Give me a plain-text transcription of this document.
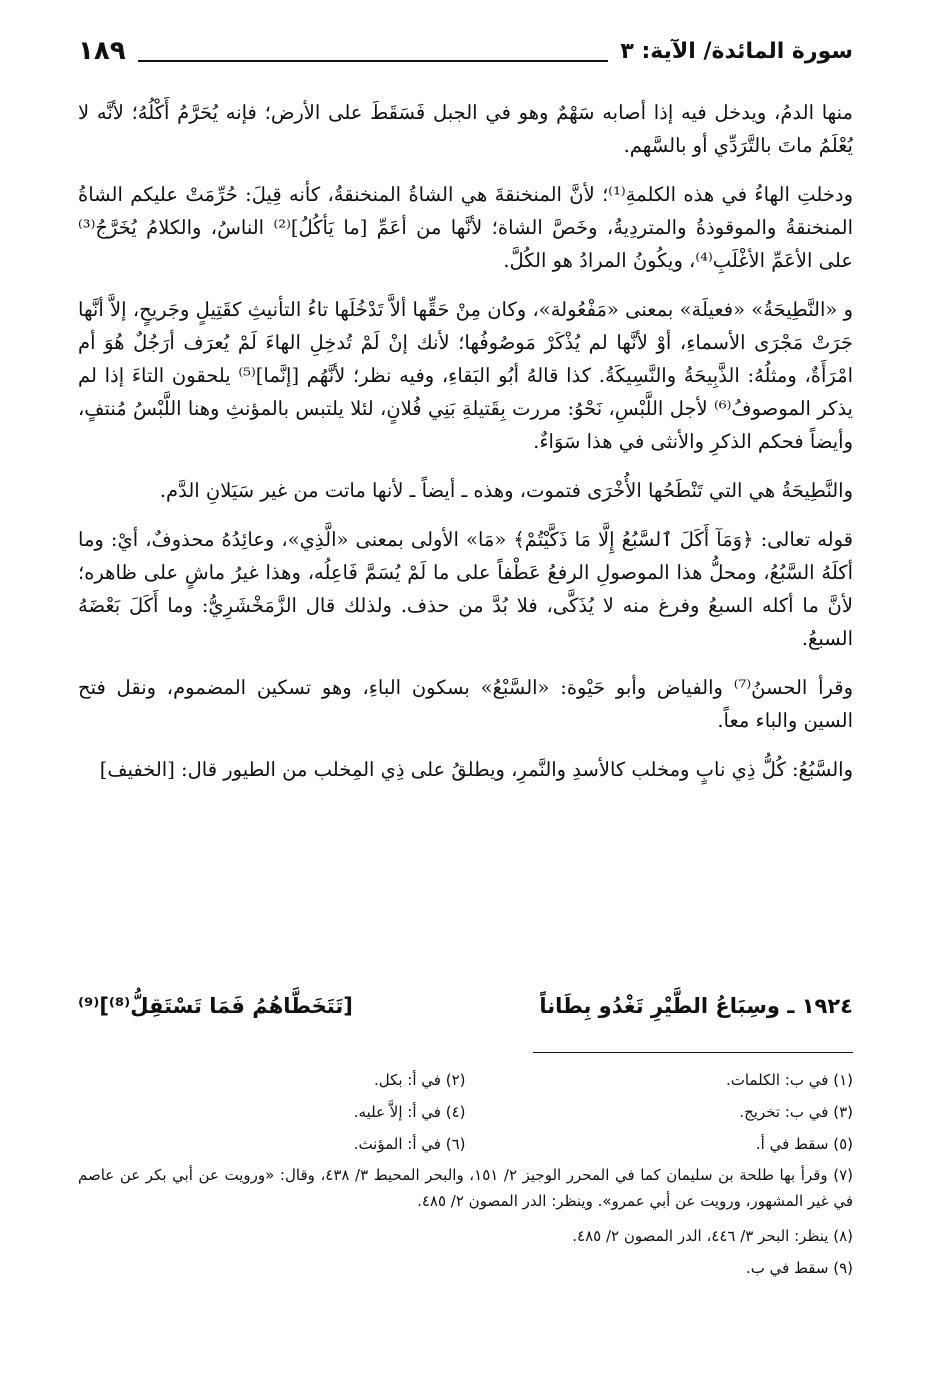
سورة المائدة/ الآية: ٣
١٨٩

منها الدمُ، ويدخل فيه إذا أصابه سَهْمٌ وهو في الجبل فَسَقَطَ على الأرض؛ فإنه يُحَرَّمُ أَكْلُهُ؛ لأنَّه لا يُعْلَمُ ماتَ بالتَّرَدِّي أو بالسَّهم.

ودخلتِ الهاءُ في هذه الكلمةِ⁽¹⁾؛ لأنَّ المنخنقةَ هي الشاةُ المنخنقةُ، كأنه قِيلَ: حُرِّمَتْ عليكم الشاةُ المنخنقةُ والموقوذةُ والمتردِيةُ، وخَصَّ الشاة؛ لأنَّها من أعَمِّ [ما يَأكُلُ]⁽²⁾ الناسُ، والكلامُ يُخَرَّجُ⁽³⁾ على الأعَمِّ الأغْلَبِ⁽⁴⁾، ويكُونُ المرادُ هو الكُلَّ.

و «النَّطِيحَةُ» «فعيلَة» بمعنى «مَفْعُولة»، وكان مِنْ حَقِّها ألاَّ تَدْخُلَها تاءُ التأنيثِ كقَتِيلٍ وجَريحٍ، إلاَّ أنَّها جَرَتْ مَجْرَى الأسماءِ، أوْ لأنَّها لم يُذْكَرْ مَوصُوفُها؛ لأنك إنْ لَمْ تُدخِلِ الهاءَ لَمْ يُعرَف أرَجُلٌ هُوَ أم امْرَأَةٌ، ومثلُهُ: الذَّبِيحَةُ والنَّسِيكَةُ. كذا قالهُ أبُو البَقاءِ، وفيه نظر؛ لأنَّهُم [إنَّما]⁽⁵⁾ يلحقون التاءَ إذا لم يذكر الموصوفُ⁽⁶⁾ لأجل اللَّبْسِ، نَحْوُ: مررت بِقَتيلةِ بَنِي فُلانٍ، لئلا يلتبس بالمؤنثِ وهنا اللَّبْسُ مُنتفٍ، وأيضاً فحكم الذكرِ والأنثى في هذا سَوَاءٌ.

والنَّطِيحَةُ هي التي تَنْطَحُها الأُخْرَى فتموت، وهذه ـ أيضاً ـ لأنها ماتت من غير سَيَلانِ الدَّم.

قوله تعالى: ﴿وَمَآ أَكَلَ ٱلسَّبُعُ إِلَّا مَا ذَكَّيْتُمْ﴾ «مَا» الأولى بمعنى «الَّذِي»، وعائِدُهُ محذوفٌ، أيْ: وما أكلَهُ السَّبُعُ، ومحلُّ هذا الموصولِ الرفعُ عَطْفاً على ما لَمْ يُسَمَّ فَاعِلُه، وهذا غيرُ ماشٍ على ظاهره؛ لأنَّ ما أكله السبعُ وفرغ منه لا يُذَكَّى، فلا بُدَّ من حذف. ولذلك قال الزَّمَخْشَرِيُّ: وما أَكَلَ بَعْضَهُ السبعُ.

وقرأ الحسنُ⁽⁷⁾ والفياض وأبو حَيْوة: «السَّبْعُ» بسكون الباءِ، وهو تسكين المضموم، ونقل فتح السين والباء معاً.

والسَّبُعُ: كُلُّ ذِي نابٍ ومخلب كالأسدِ والنَّمرِ، ويطلقُ على ذِي المِخلب من الطيور قال: [الخفيف]

١٩٢٤ ـ وسِبَاعُ الطَّيْرِ تَغْدُو بِطَاناً
[تَتَخَطَّاهُمُ فَمَا تَسْتَقِلُّ⁽⁸⁾]⁽⁹⁾
(١) في ب: الكلمات.
(٢) في أ: بكل.
(٣) في ب: تخريج.
(٤) في أ: إلاَّ عليه.
(٥) سقط في أ.
(٦) في أ: المؤنث.
(٧) وقرأ بها طلحة بن سليمان كما في المحرر الوجيز ٢/ ١٥١، والبحر المحيط ٣/ ٤٣٨، وقال: «ورويت عن أبي بكر عن عاصم في غير المشهور، ورويت عن أبي عمرو». وينظر: الدر المصون ٢/ ٤٨٥.
(٨) ينظر: البحر ٣/ ٤٤٦، الدر المصون ٢/ ٤٨٥.
(٩) سقط في ب.
